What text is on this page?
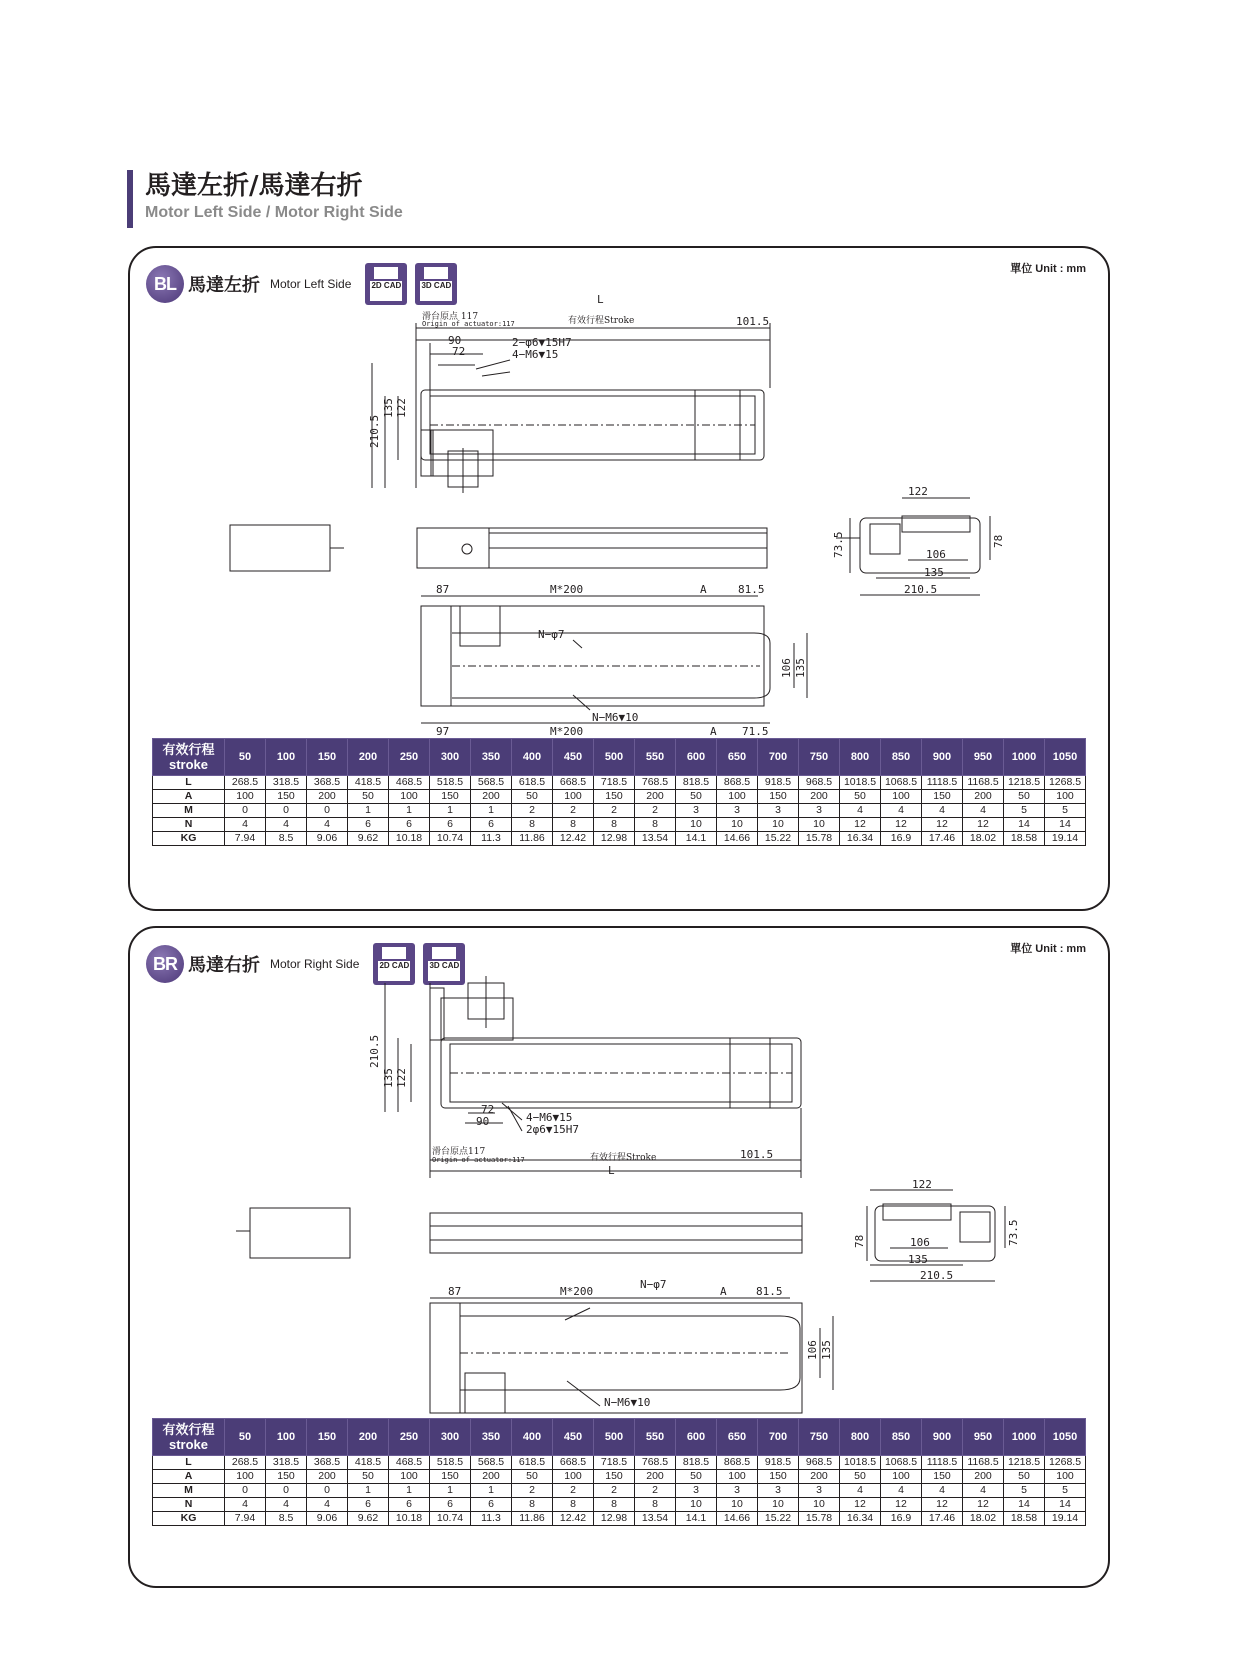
馬達左折/馬達右折
Motor Left Side / Motor Right Side
單位 Unit : mm
BL 馬達左折 Motor Left Side	2D CAD	3D CAD
L
滑台原点 117
Origin of actuator:117	有效行程Stroke	101.5
90
72
2−φ6▼15H7
4−M6▼15
210.5
135 122
122
73.5	78
106
135
210.5
87	M*200	A	81.5
N−φ7
N−M6▼10
106 135
97	M*200	A 71.5
有效行程
stroke	50	100	150	200	250	300	350	400	450	500	550	600	650	700	750	800	850	900	950	1000	1050
L	268.5	318.5	368.5	418.5	468.5	518.5	568.5	618.5	668.5	718.5	768.5	818.5	868.5	918.5	968.5	1018.5	1068.5	1118.5	1168.5	1218.5	1268.5
A	100	150	200	50	100	150	200	50	100	150	200	50	100	150	200	50	100	150	200	50	100
M	0	0	0	1	1	1	1	2	2	2	2	3	3	3	3	4	4	4	4	5	5
N	4	4	4	6	6	6	6	8	8	8	8	10	10	10	10	12	12	12	12	14	14
KG	7.94	8.5	9.06	9.62	10.18	10.74	11.3	11.86	12.42	12.98	13.54	14.1	14.66	15.22	15.78	16.34	16.9	17.46	18.02	18.58	19.14
單位 Unit : mm
BR 馬達右折 Motor Right Side	2D CAD	3D CAD
72
90	4−M6▼15
2φ6▼15H7
滑台原点117
Origin of actuator:117	有效行程Stroke	101.5
L
210.5
135 122
122
78	73.5
106
135
210.5
87	M*200
N−φ7
A	81.5
N−M6▼10
106 135
有效行程
stroke	50	100	150	200	250	300	350	400	450	500	550	600	650	700	750	800	850	900	950	1000	1050
L	268.5	318.5	368.5	418.5	468.5	518.5	568.5	618.5	668.5	718.5	768.5	818.5	868.5	918.5	968.5	1018.5	1068.5	1118.5	1168.5	1218.5	1268.5
A	100	150	200	50	100	150	200	50	100	150	200	50	100	150	200	50	100	150	200	50	100
M	0	0	0	1	1	1	1	2	2	2	2	3	3	3	3	4	4	4	4	5	5
N	4	4	4	6	6	6	6	8	8	8	8	10	10	10	10	12	12	12	12	14	14
KG	7.94	8.5	9.06	9.62	10.18	10.74	11.3	11.86	12.42	12.98	13.54	14.1	14.66	15.22	15.78	16.34	16.9	17.46	18.02	18.58	19.14
